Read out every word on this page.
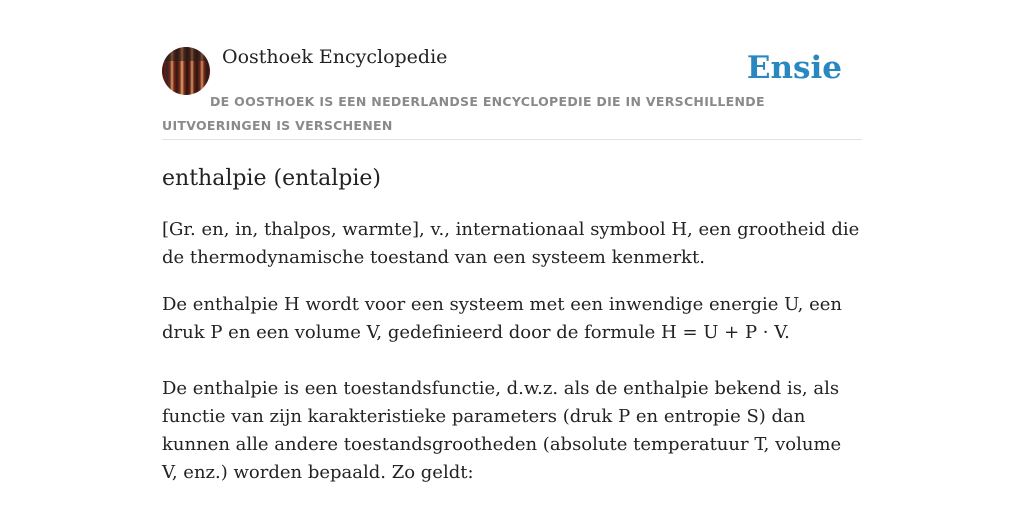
Oosthoek Encyclopedie	Ensie

DE OOSTHOEK IS EEN NEDERLANDSE ENCYCLOPEDIE DIE IN VERSCHILLENDE UITVOERINGEN IS VERSCHENEN

enthalpie (entalpie)

[Gr. en, in, thalpos, warmte], v., internationaal symbool H, een grootheid die de thermodynamische toestand van een systeem kenmerkt.

De enthalpie H wordt voor een systeem met een inwendige energie U, een druk P en een volume V, gedefinieerd door de formule H = U + P · V.

De enthalpie is een toestandsfunctie, d.w.z. als de enthalpie bekend is, als functie van zijn karakteristieke parameters (druk P en entropie S) dan kunnen alle andere toestandsgrootheden (absolute temperatuur T, volume V, enz.) worden bepaald. Zo geldt:
